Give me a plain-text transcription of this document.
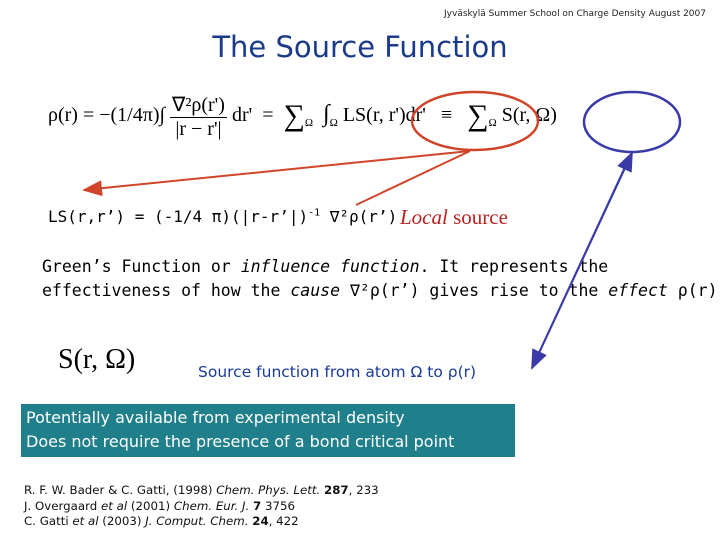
Jyväskylä Summer School on Charge Density August 2007
The Source Function
$\rho(r) = -(1/4\pi)\int \frac{\text{∇²ρ(r')}}{|r - r'|} dr' = \sum_\Omega$ $\int_\Omega$ LS(r, $r')dr' \equiv \sum_\Omega$ S(r, Ω)
LS(r,r’) = (-1/4 π)(|r-r’|)$^{-1}$ ∇²ρ(r’) Local source
Green’s Function or influence function. It represents the
effectiveness of how the cause ∇²ρ(r’) gives rise to the effect ρ(r)
S(r, Ω)	Source function from atom Ω to ρ(r)
Potentially available from experimental density
Does not require the presence of a bond critical point
R. F. W. Bader & C. Gatti, (1998) Chem. Phys. Lett. 287, 233
J. Overgaard et al (2001) Chem. Eur. J. 7 3756
C. Gatti et al (2003) J. Comput. Chem. 24, 422
